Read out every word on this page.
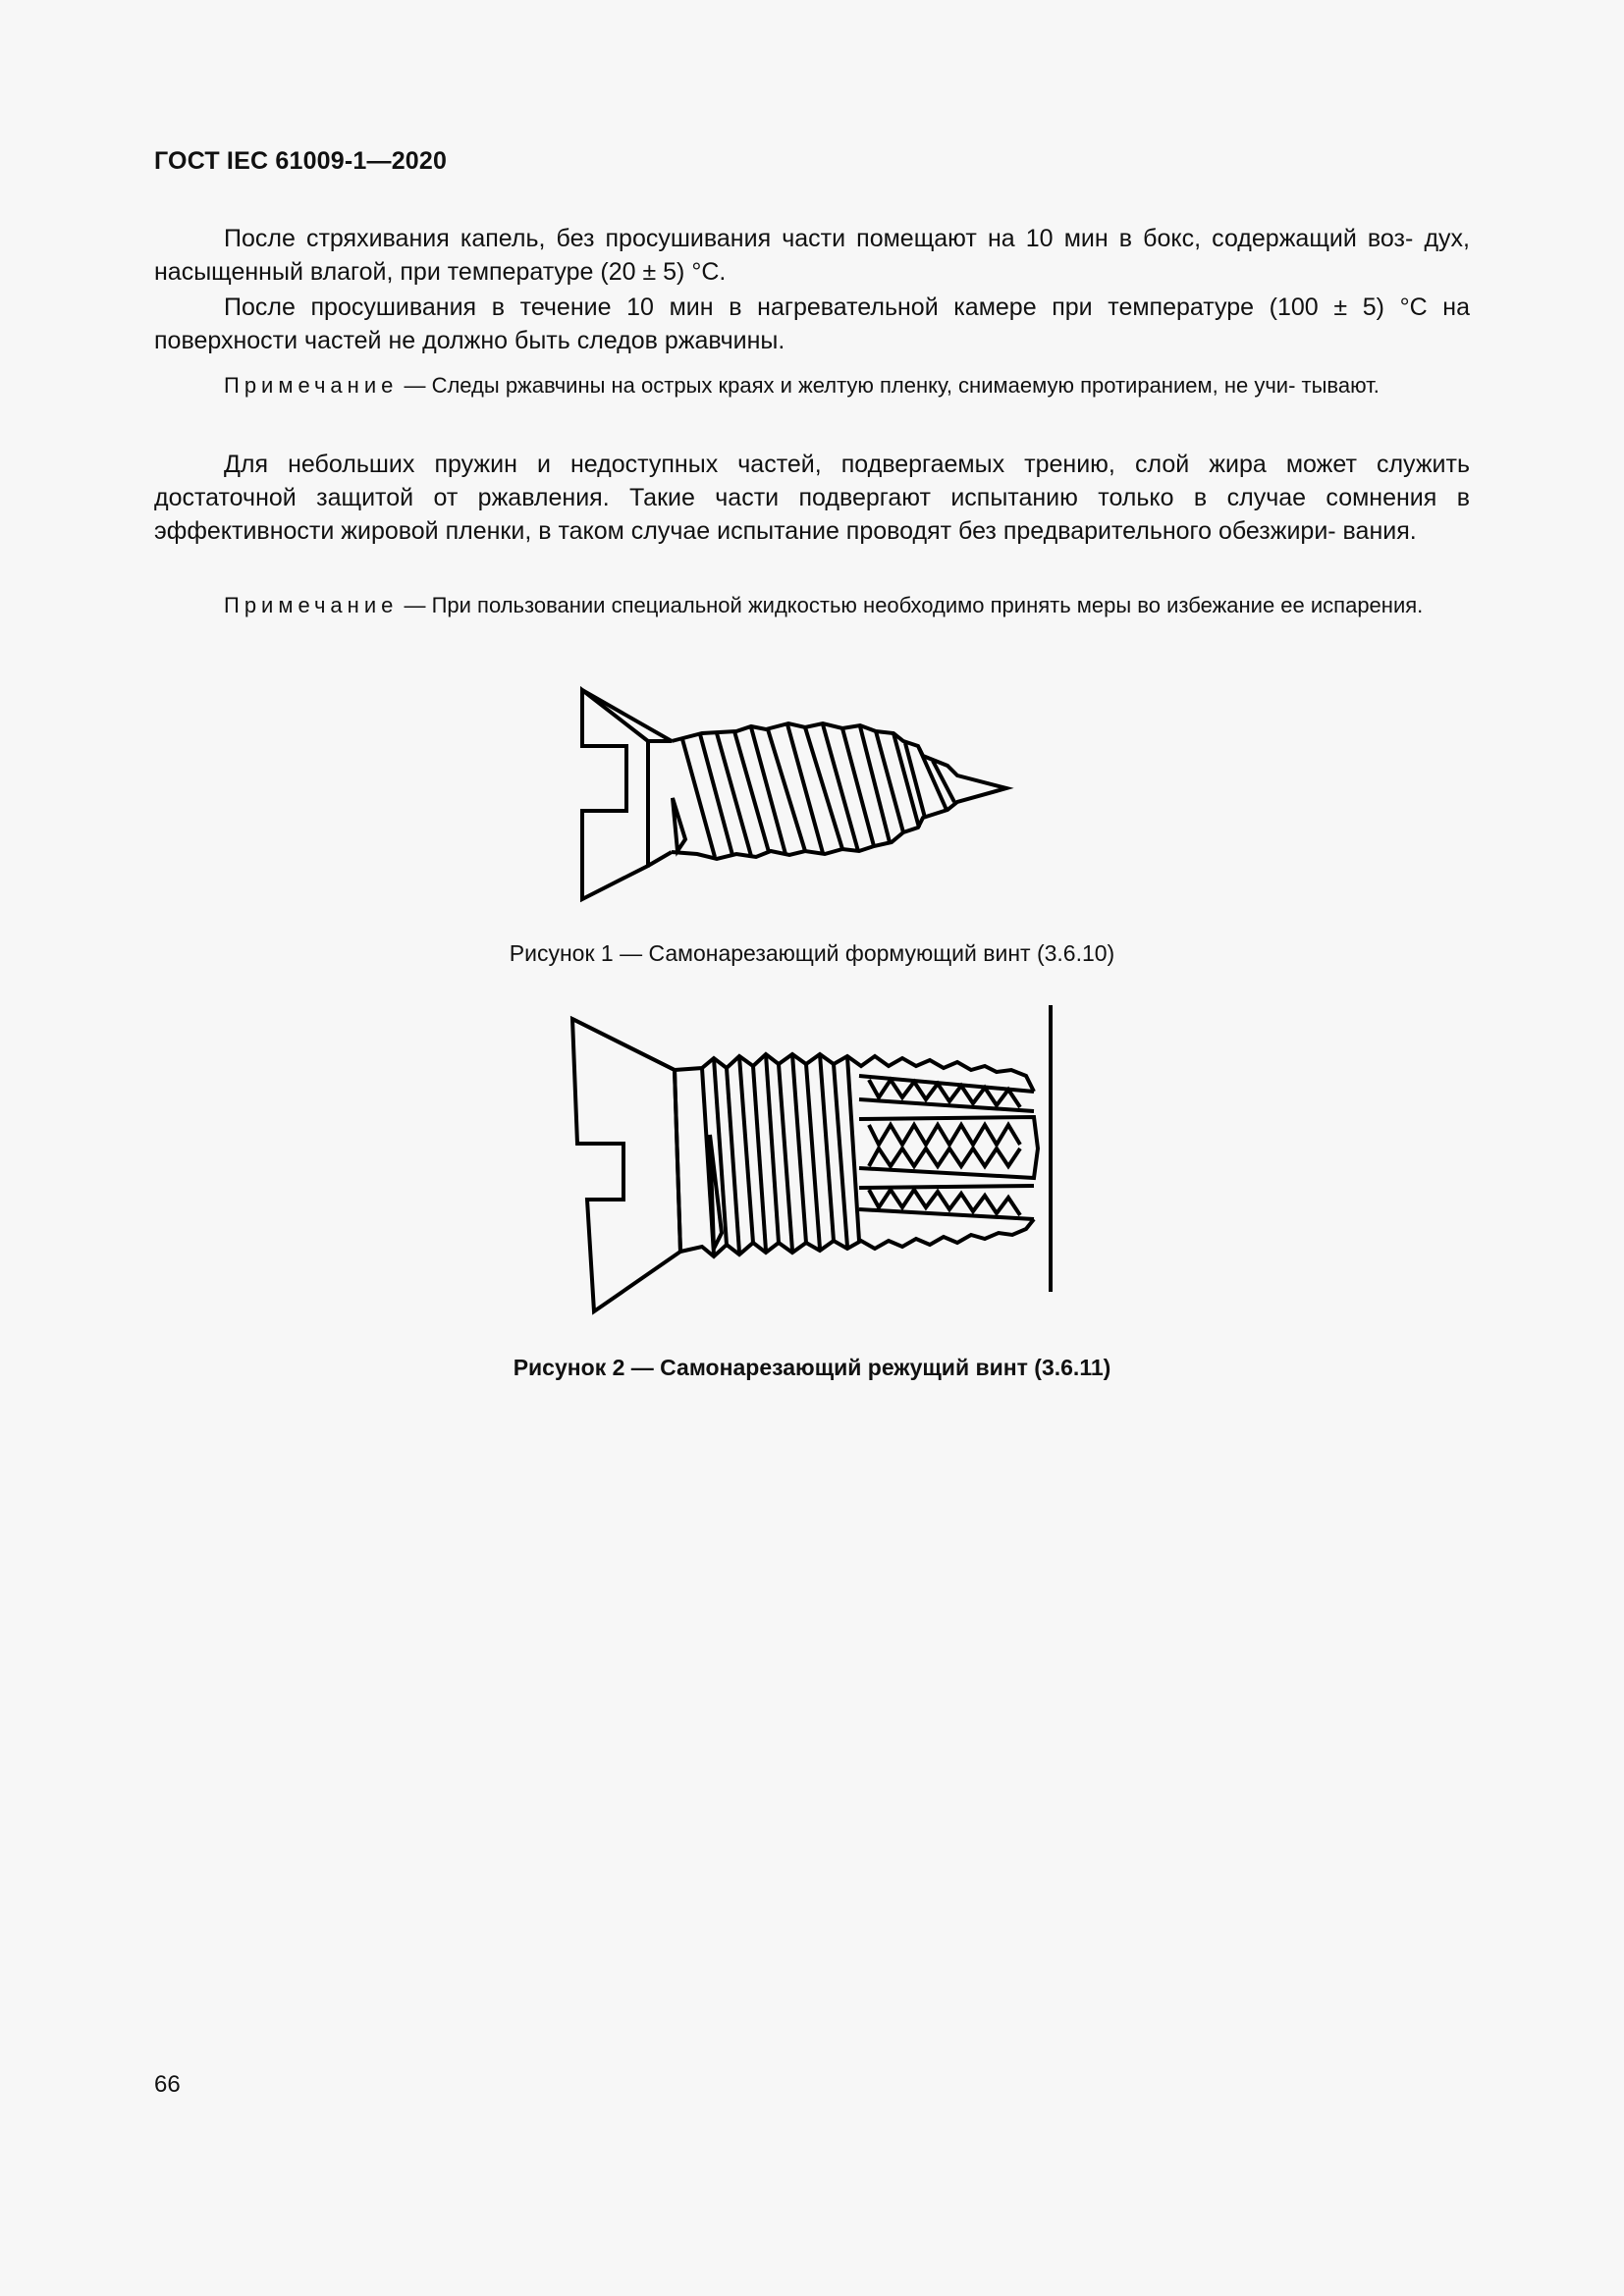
ГОСТ IEC 61009-1—2020

После стряхивания капель, без просушивания части помещают на 10 мин в бокс, содержащий воз- дух, насыщенный влагой, при температуре (20 ± 5) °C.

После просушивания в течение 10 мин в нагревательной камере при температуре (100 ± 5) °C на поверхности частей не должно быть следов ржавчины.

Примечание — Следы ржавчины на острых краях и желтую пленку, снимаемую протиранием, не учи- тывают.

Для небольших пружин и недоступных частей, подвергаемых трению, слой жира может служить достаточной защитой от ржавления. Такие части подвергают испытанию только в случае сомнения в эффективности жировой пленки, в таком случае испытание проводят без предварительного обезжири- вания.

Примечание — При пользовании специальной жидкостью необходимо принять меры во избежание ее испарения.

Рисунок 1 — Самонарезающий формующий винт (3.6.10)
Рисунок 2 — Самонарезающий режущий винт (3.6.11)
66
